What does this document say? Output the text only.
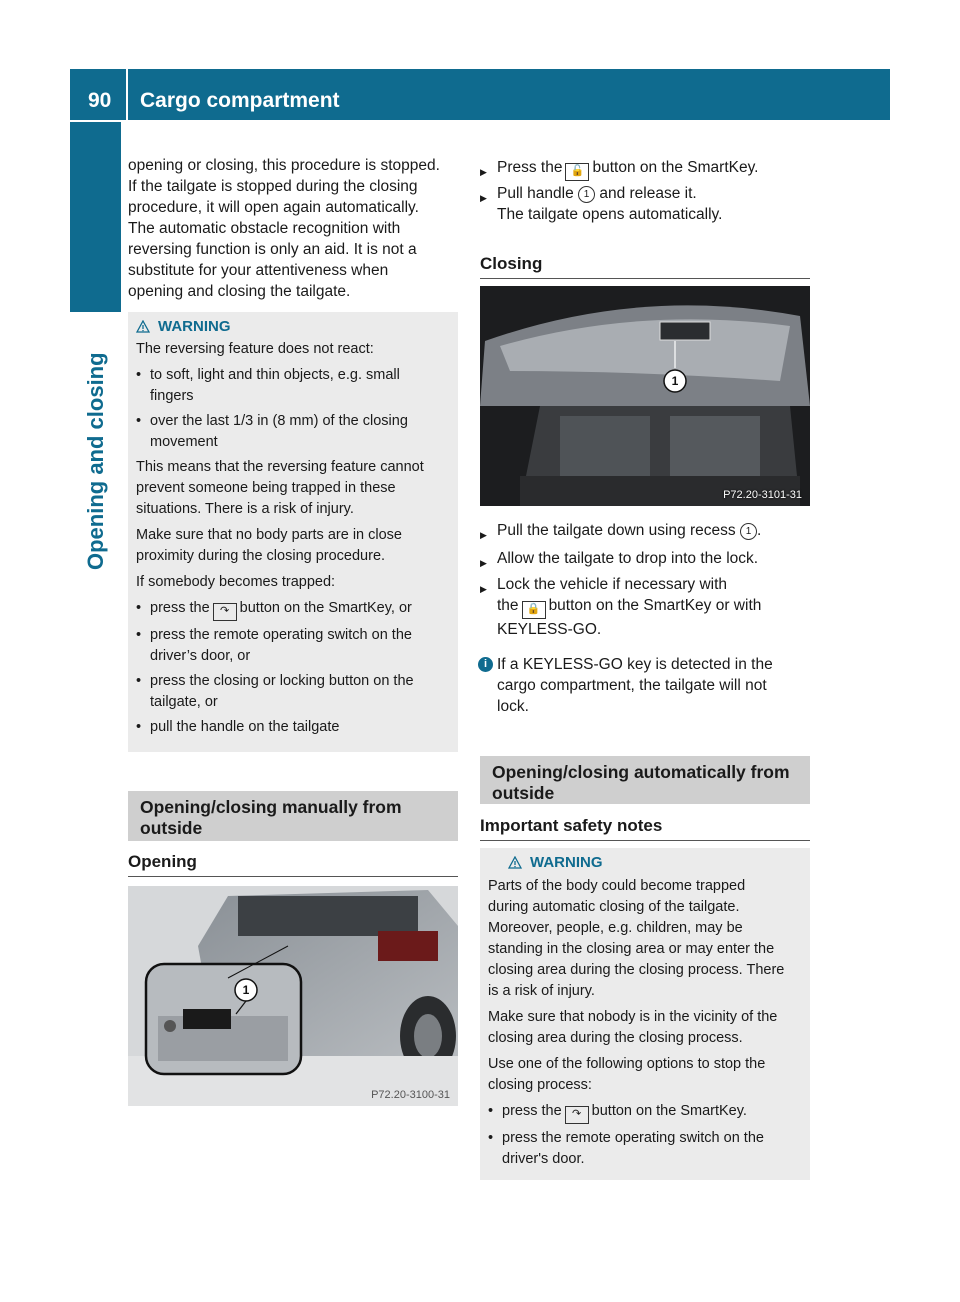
90 Cargo compartment
Opening and closing

opening or closing, this procedure is stopped.

If the tailgate is stopped during the closing

procedure, it will open again automatically.

The automatic obstacle recognition with

reversing function is only an aid. It is not a

substitute for your attentiveness when

opening and closing the tailgate.

WARNING

The reversing feature does not react:

• to soft, light and thin objects, e.g. small
fingers

• over the last 1/3 in (8 mm) of the closing
movement

This means that the reversing feature cannot
prevent someone being trapped in these
situations. There is a risk of injury.

Make sure that no body parts are in close
proximity during the closing procedure.

If somebody becomes trapped:

• press the ↷ button on the SmartKey, or

• press the remote operating switch on the
driver’s door, or

• press the closing or locking button on the
tailgate, or

• pull the handle on the tailgate

Opening/closing manually from
outside
Opening
1
P72.20-3100-31

▶ Press the 🔓 button on the SmartKey.

▶ Pull handle 1 and release it.
The tailgate opens automatically.

Closing
1
P72.20-3101-31

▶ Pull the tailgate down using recess 1 .

▶ Allow the tailgate to drop into the lock.

▶ Lock the vehicle if necessary with
the 🔒 button on the SmartKey or with
KEYLESS-GO.

i If a KEYLESS-GO key is detected in the
cargo compartment, the tailgate will not
lock.

Opening/closing automatically from
outside
Important safety notes
WARNING

Parts of the body could become trapped
during automatic closing of the tailgate.
Moreover, people, e.g. children, may be
standing in the closing area or may enter the
closing area during the closing process. There
is a risk of injury.

Make sure that nobody is in the vicinity of the
closing area during the closing process.

Use one of the following options to stop the
closing process:

• press the ↷ button on the SmartKey.

• press the remote operating switch on the
driver's door.
